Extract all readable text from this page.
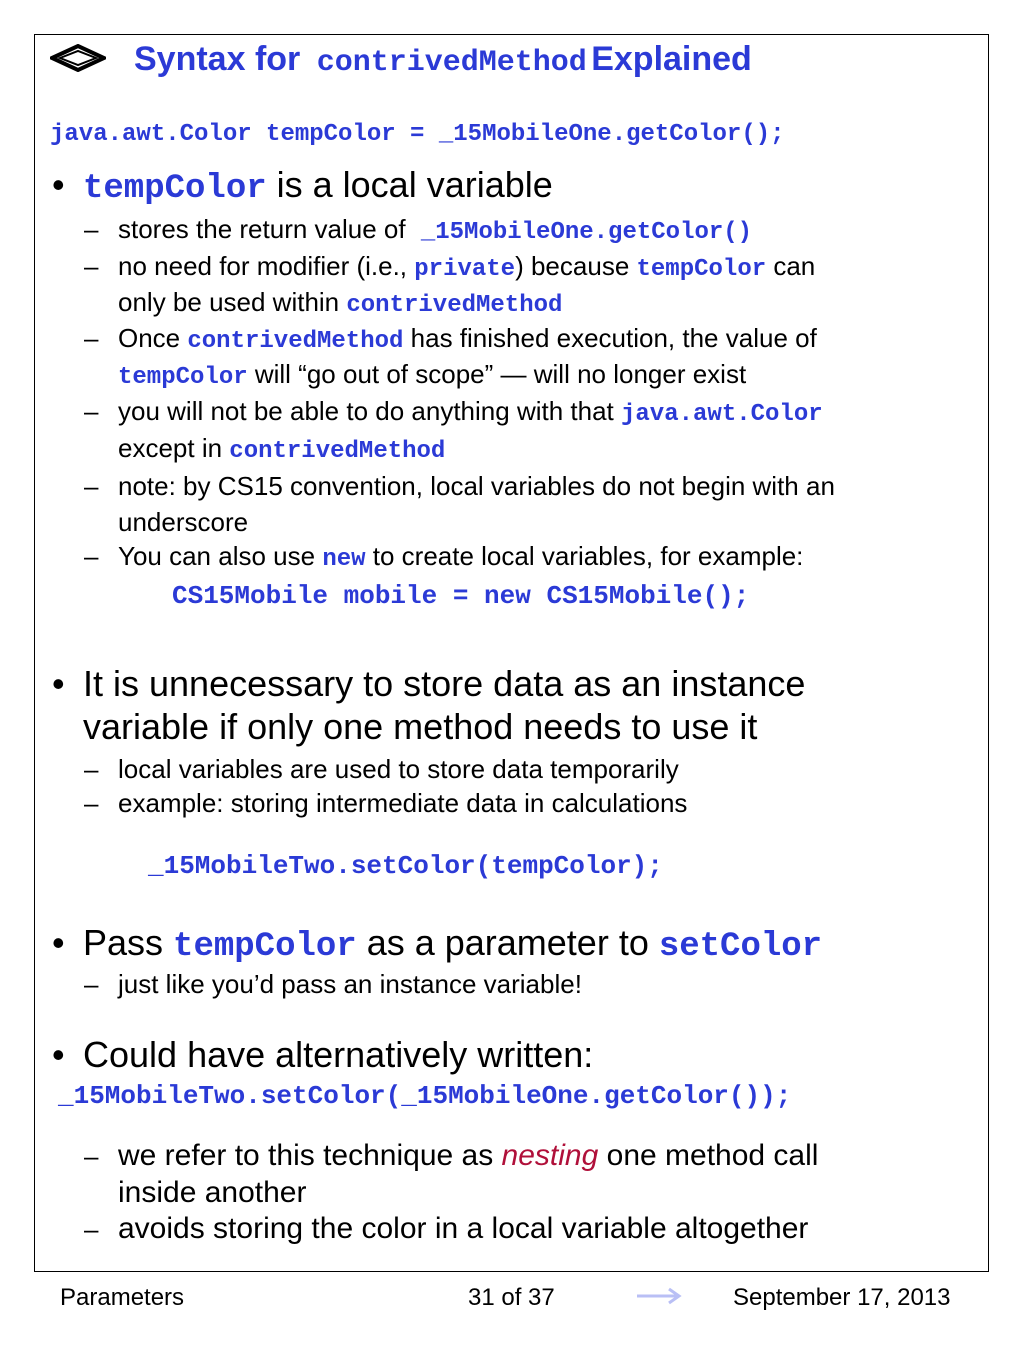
Syntax for contrivedMethod Explained
java.awt.Color tempColor = _15MobileOne.getColor();
• tempColor is a local variable
– stores the return value of _15MobileOne.getColor()
– no need for modifier (i.e., private) because tempColor can
only be used within contrivedMethod
– Once contrivedMethod has finished execution, the value of
tempColor will “go out of scope” — will no longer exist
– you will not be able to do anything with that java.awt.Color
except in contrivedMethod
– note: by CS15 convention, local variables do not begin with an
underscore
– You can also use new to create local variables, for example:
CS15Mobile mobile = new CS15Mobile();
• It is unnecessary to store data as an instance
variable if only one method needs to use it
– local variables are used to store data temporarily
– example: storing intermediate data in calculations
_15MobileTwo.setColor(tempColor);
• Pass tempColor as a parameter to setColor
– just like you’d pass an instance variable!
• Could have alternatively written:
_15MobileTwo.setColor(_15MobileOne.getColor());
– we refer to this technique as nesting one method call
inside another
– avoids storing the color in a local variable altogether
Parameters	31 of 37	September 17, 2013
